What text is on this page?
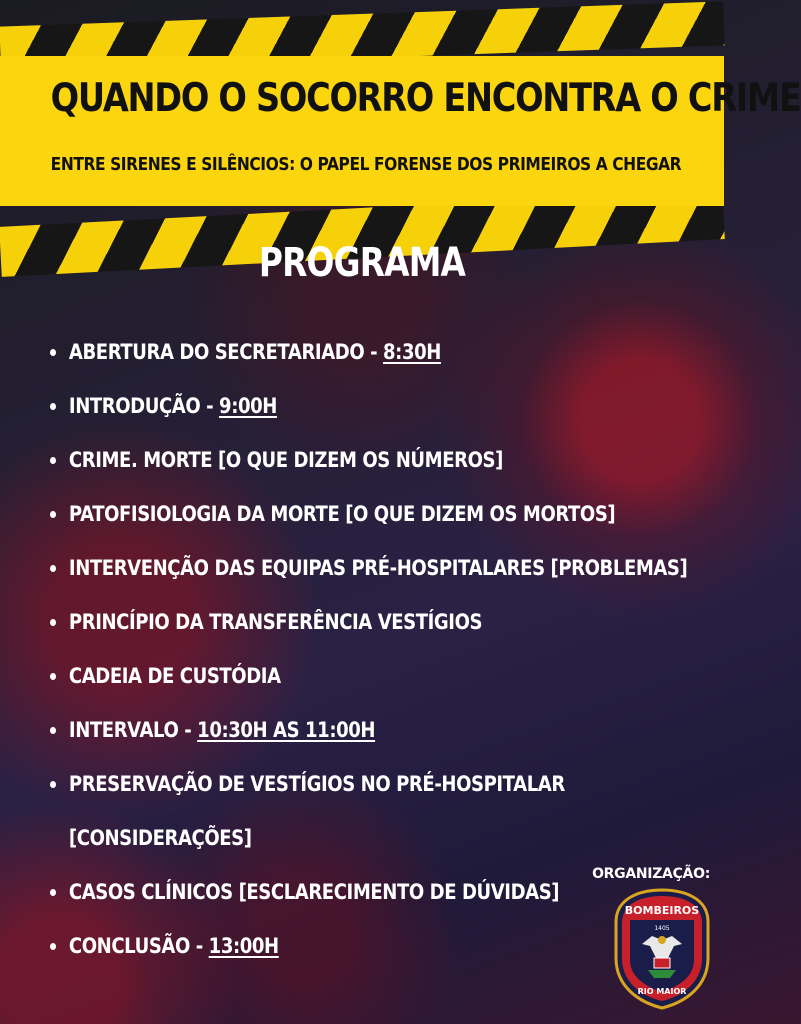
QUANDO O SOCORRO ENCONTRA O CRIME
ENTRE SIRENES E SILÊNCIOS: O PAPEL FORENSE DOS PRIMEIROS A CHEGAR
PROGRAMA
ABERTURA DO SECRETARIADO - 8:30H
INTRODUÇÃO - 9:00H
CRIME. MORTE [O QUE DIZEM OS NÚMEROS]
PATOFISIOLOGIA DA MORTE [O QUE DIZEM OS MORTOS]
INTERVENÇÃO DAS EQUIPAS PRÉ-HOSPITALARES [PROBLEMAS]
PRINCÍPIO DA TRANSFERÊNCIA VESTÍGIOS
CADEIA DE CUSTÓDIA
INTERVALO - 10:30H AS 11:00H
PRESERVAÇÃO DE VESTÍGIOS NO PRÉ-HOSPITALAR
[CONSIDERAÇÕES]
CASOS CLÍNICOS [ESCLARECIMENTO DE DÚVIDAS]
CONCLUSÃO - 13:00H
ORGANIZAÇÃO:
BOMBEIROS
1405
RIO MAIOR
